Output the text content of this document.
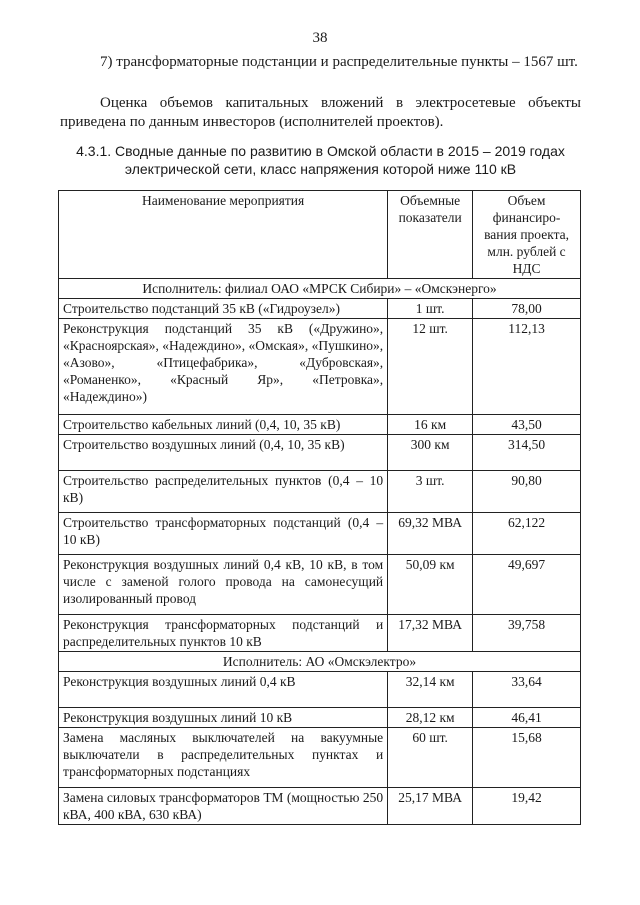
38

7) трансформаторные подстанции и распределительные пункты – 1567 шт.

Оценка объемов капитальных вложений в электросетевые объекты приведена по данным инвесторов (исполнителей проектов).

4.3.1. Сводные данные по развитию в Омской области в 2015 – 2019 годах электрической сети, класс напряжения которой ниже 110 кВ
Наименование мероприятия	Объемные показатели	Объем финансиро-вания проекта, млн. рублей с НДС
Исполнитель: филиал ОАО «МРСК Сибири» – «Омскэнерго»		
Строительство подстанций 35 кВ («Гидроузел»)	1 шт.	78,00
Реконструкция подстанций 35 кВ («Дружино», «Красноярская», «Надеждино», «Омская», «Пушкино», «Азово», «Птицефабрика», «Дубровская», «Романенко», «Красный Яр», «Петровка», «Надеждино»)	12 шт.	112,13
Строительство кабельных линий (0,4, 10, 35 кВ)	16 км	43,50
Строительство воздушных линий (0,4, 10, 35 кВ)	300 км	314,50
Строительство распределительных пунктов (0,4 – 10 кВ)	3 шт.	90,80
Строительство трансформаторных подстанций (0,4 – 10 кВ)	69,32 МВА	62,122
Реконструкция воздушных линий 0,4 кВ, 10 кВ, в том числе с заменой голого провода на самонесущий изолированный провод	50,09 км	49,697
Реконструкция трансформаторных подстанций и распределительных пунктов 10 кВ	17,32 МВА	39,758
Исполнитель: АО «Омскэлектро»		
Реконструкция воздушных линий 0,4 кВ	32,14 км	33,64
Реконструкция воздушных линий 10 кВ	28,12 км	46,41
Замена масляных выключателей на вакуумные выключатели в распределительных пунктах и трансформаторных подстанциях	60 шт.	15,68
Замена силовых трансформаторов ТМ (мощностью 250 кВА, 400 кВА, 630 кВА)	25,17 МВА	19,42
